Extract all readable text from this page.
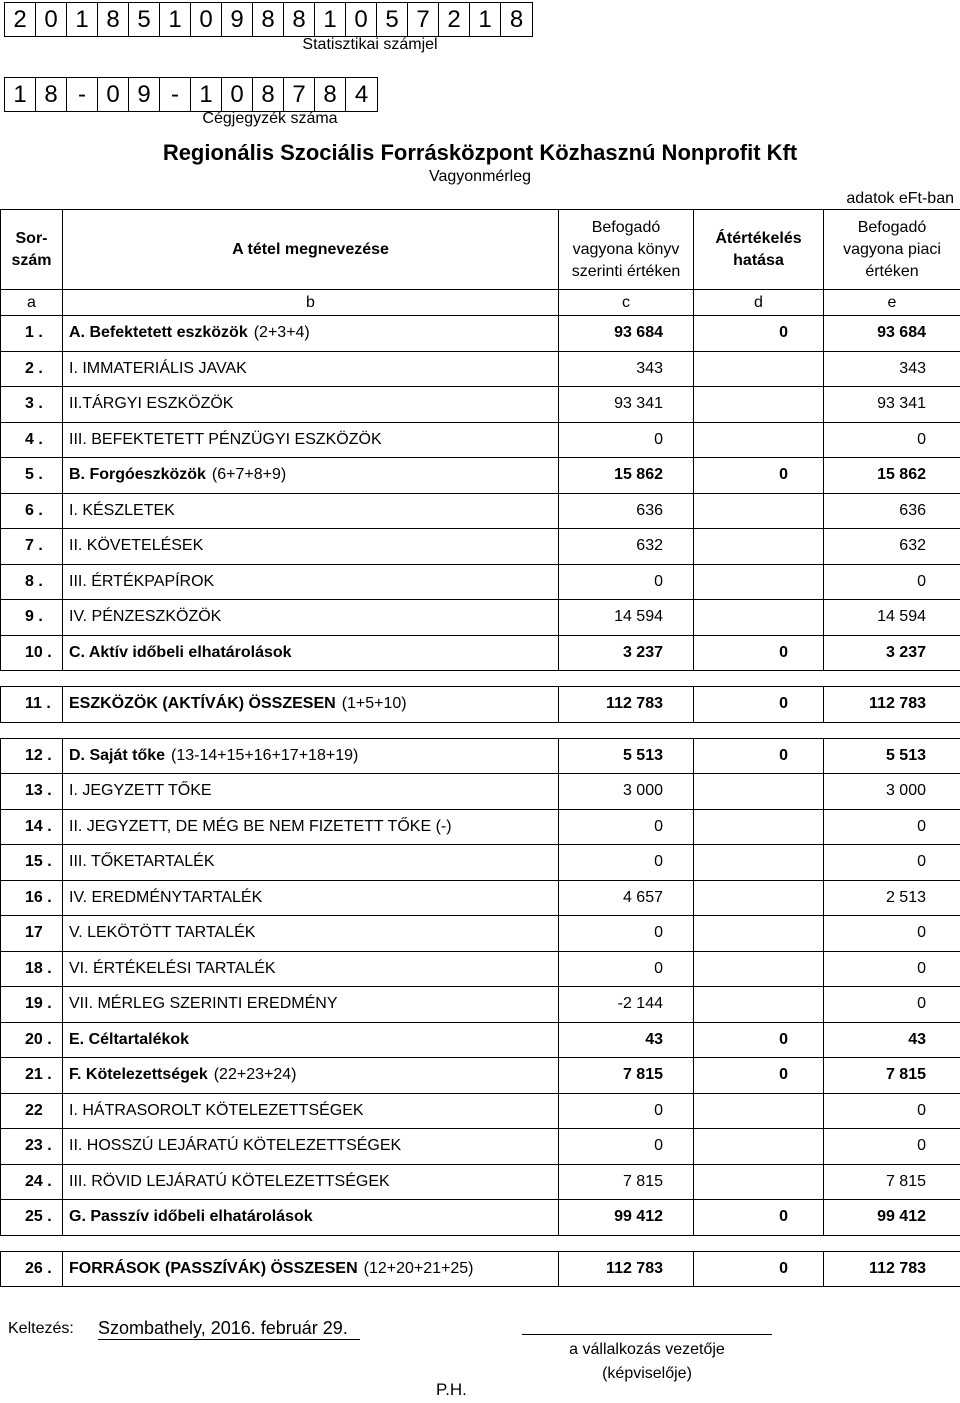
2 0 1 8 5 1 0 9 8 8 1 0 5 7 2 1 8
Statisztikai számjel
1 8 - 0 9 - 1 0 8 7 8 4
Cégjegyzék száma
Regionális Szociális Forrásközpont Közhasznú Nonprofit Kft
Vagyonmérleg
adatok eFt-ban
Sor-szám	A tétel megnevezése	Befogadó vagyona könyv szerinti értéken	Átértékelés hatása	Befogadó vagyona piaci értéken
a	b	c	d	e
1 .	A. Befektetett eszközök (2+3+4)	93 684	0	93 684
2 .	I. IMMATERIÁLIS JAVAK	343		343
3 .	II.TÁRGYI ESZKÖZÖK	93 341		93 341
4 .	III. BEFEKTETETT PÉNZÜGYI ESZKÖZÖK	0		0
5 .	B. Forgóeszközök (6+7+8+9)	15 862	0	15 862
6 .	I. KÉSZLETEK	636		636
7 .	II. KÖVETELÉSEK	632		632
8 .	III. ÉRTÉKPAPÍROK	0		0
9 .	IV. PÉNZESZKÖZÖK	14 594		14 594
10 .	C. Aktív időbeli elhatárolások	3 237	0	3 237

11 .	ESZKÖZÖK (AKTÍVÁK) ÖSSZESEN (1+5+10)	112 783	0	112 783

12 .	D. Saját tőke (13-14+15+16+17+18+19)	5 513	0	5 513
13 .	I. JEGYZETT TŐKE	3 000		3 000
14 .	II. JEGYZETT, DE MÉG BE NEM FIZETETT TŐKE (-)	0		0
15 .	III. TŐKETARTALÉK	0		0
16 .	IV. EREDMÉNYTARTALÉK	4 657		2 513
17	V. LEKÖTÖTT TARTALÉK	0		0
18 .	VI. ÉRTÉKELÉSI TARTALÉK	0		0
19 .	VII. MÉRLEG SZERINTI EREDMÉNY	-2 144		0
20 .	E. Céltartalékok	43	0	43
21 .	F. Kötelezettségek (22+23+24)	7 815	0	7 815
22	I. HÁTRASOROLT KÖTELEZETTSÉGEK	0		0
23 .	II. HOSSZÚ LEJÁRATÚ KÖTELEZETTSÉGEK	0		0
24 .	III. RÖVID LEJÁRATÚ KÖTELEZETTSÉGEK	7 815		7 815
25 .	G. Passzív időbeli elhatárolások	99 412	0	99 412

26 .	FORRÁSOK (PASSZÍVÁK) ÖSSZESEN (12+20+21+25)	112 783	0	112 783
Keltezés: Szombathely, 2016. február 29.
a vállalkozás vezetője
(képviselője)
P.H.
